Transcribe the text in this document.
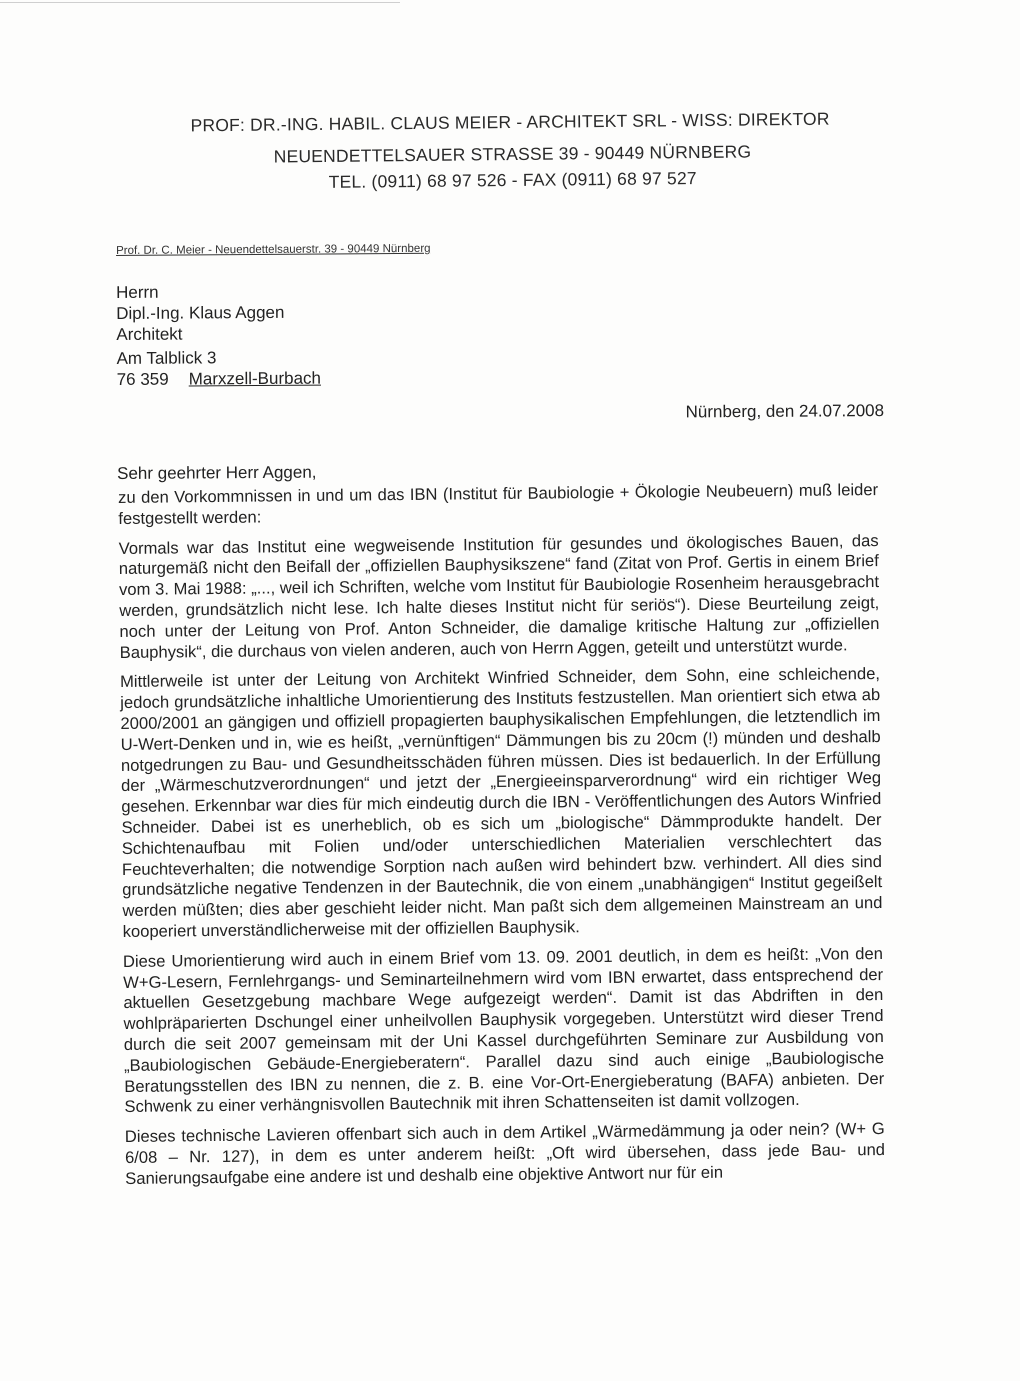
PROF: DR.-ING. HABIL. CLAUS MEIER - ARCHITEKT SRL - WISS: DIREKTOR
NEUENDETTELSAUER STRASSE 39 - 90449 NÜRNBERG
TEL. (0911) 68 97 526 - FAX (0911) 68 97 527
Prof. Dr. C. Meier - Neuendettelsauerstr. 39 - 90449 Nürnberg
Herrn
Dipl.-Ing. Klaus Aggen
Architekt
Am Talblick 3
76 359 Marxzell-Burbach
Nürnberg, den 24.07.2008
Sehr geehrter Herr Aggen,

zu den Vorkommnissen in und um das IBN (Institut für Baubiologie + Ökologie Neubeuern) muß leider festgestellt werden:

Vormals war das Institut eine wegweisende Institution für gesundes und ökologisches Bauen, das naturgemäß nicht den Beifall der „offiziellen Bauphysikszene“ fand (Zitat von Prof. Gertis in einem Brief vom 3. Mai 1988: „..., weil ich Schriften, welche vom Institut für Baubiologie Rosenheim herausgebracht werden, grundsätzlich nicht lese. Ich halte dieses Institut nicht für seriös“). Diese Beurteilung zeigt, noch unter der Leitung von Prof. Anton Schneider, die damalige kritische Haltung zur „offiziellen Bauphysik“, die durchaus von vielen anderen, auch von Herrn Aggen, geteilt und unterstützt wurde.

Mittlerweile ist unter der Leitung von Architekt Winfried Schneider, dem Sohn, eine schleichende, jedoch grundsätzliche inhaltliche Umorientierung des Instituts festzustellen. Man orientiert sich etwa ab 2000/2001 an gängigen und offiziell propagierten bauphysikalischen Empfehlungen, die letztendlich im U-Wert-Denken und in, wie es heißt, „vernünftigen“ Dämmungen bis zu 20cm (!) münden und deshalb notgedrungen zu Bau- und Gesundheitsschäden führen müssen. Dies ist bedauerlich. In der Erfüllung der „Wärmeschutzverordnungen“ und jetzt der „Energieeinsparverordnung“ wird ein richtiger Weg gesehen. Erkennbar war dies für mich eindeutig durch die IBN - Veröffentlichungen des Autors Winfried Schneider. Dabei ist es unerheblich, ob es sich um „biologische“ Dämmprodukte handelt. Der Schichtenaufbau mit Folien und/oder unterschiedlichen Materialien verschlechtert das Feuchteverhalten; die notwendige Sorption nach außen wird behindert bzw. verhindert. All dies sind grundsätzliche negative Tendenzen in der Bautechnik, die von einem „unabhängigen“ Institut gegeißelt werden müßten; dies aber geschieht leider nicht. Man paßt sich dem allgemeinen Mainstream an und kooperiert unverständlicherweise mit der offiziellen Bauphysik.

Diese Umorientierung wird auch in einem Brief vom 13. 09. 2001 deutlich, in dem es heißt: „Von den W+G-Lesern, Fernlehrgangs- und Seminarteilnehmern wird vom IBN erwartet, dass entsprechend der aktuellen Gesetzgebung machbare Wege aufgezeigt werden“. Damit ist das Abdriften in den wohlpräparierten Dschungel einer unheilvollen Bauphysik vorgegeben. Unterstützt wird dieser Trend durch die seit 2007 gemeinsam mit der Uni Kassel durchgeführten Seminare zur Ausbildung von „Baubiologischen Gebäude-Energieberatern“. Parallel dazu sind auch einige „Baubiologische Beratungsstellen des IBN zu nennen, die z. B. eine Vor-Ort-Energieberatung (BAFA) anbieten. Der Schwenk zu einer verhängnisvollen Bautechnik mit ihren Schattenseiten ist damit vollzogen.

Dieses technische Lavieren offenbart sich auch in dem Artikel „Wärmedämmung ja oder nein? (W+ G 6/08 – Nr. 127), in dem es unter anderem heißt: „Oft wird übersehen, dass jede Bau- und Sanierungsaufgabe eine andere ist und deshalb eine objektive Antwort nur für ein
